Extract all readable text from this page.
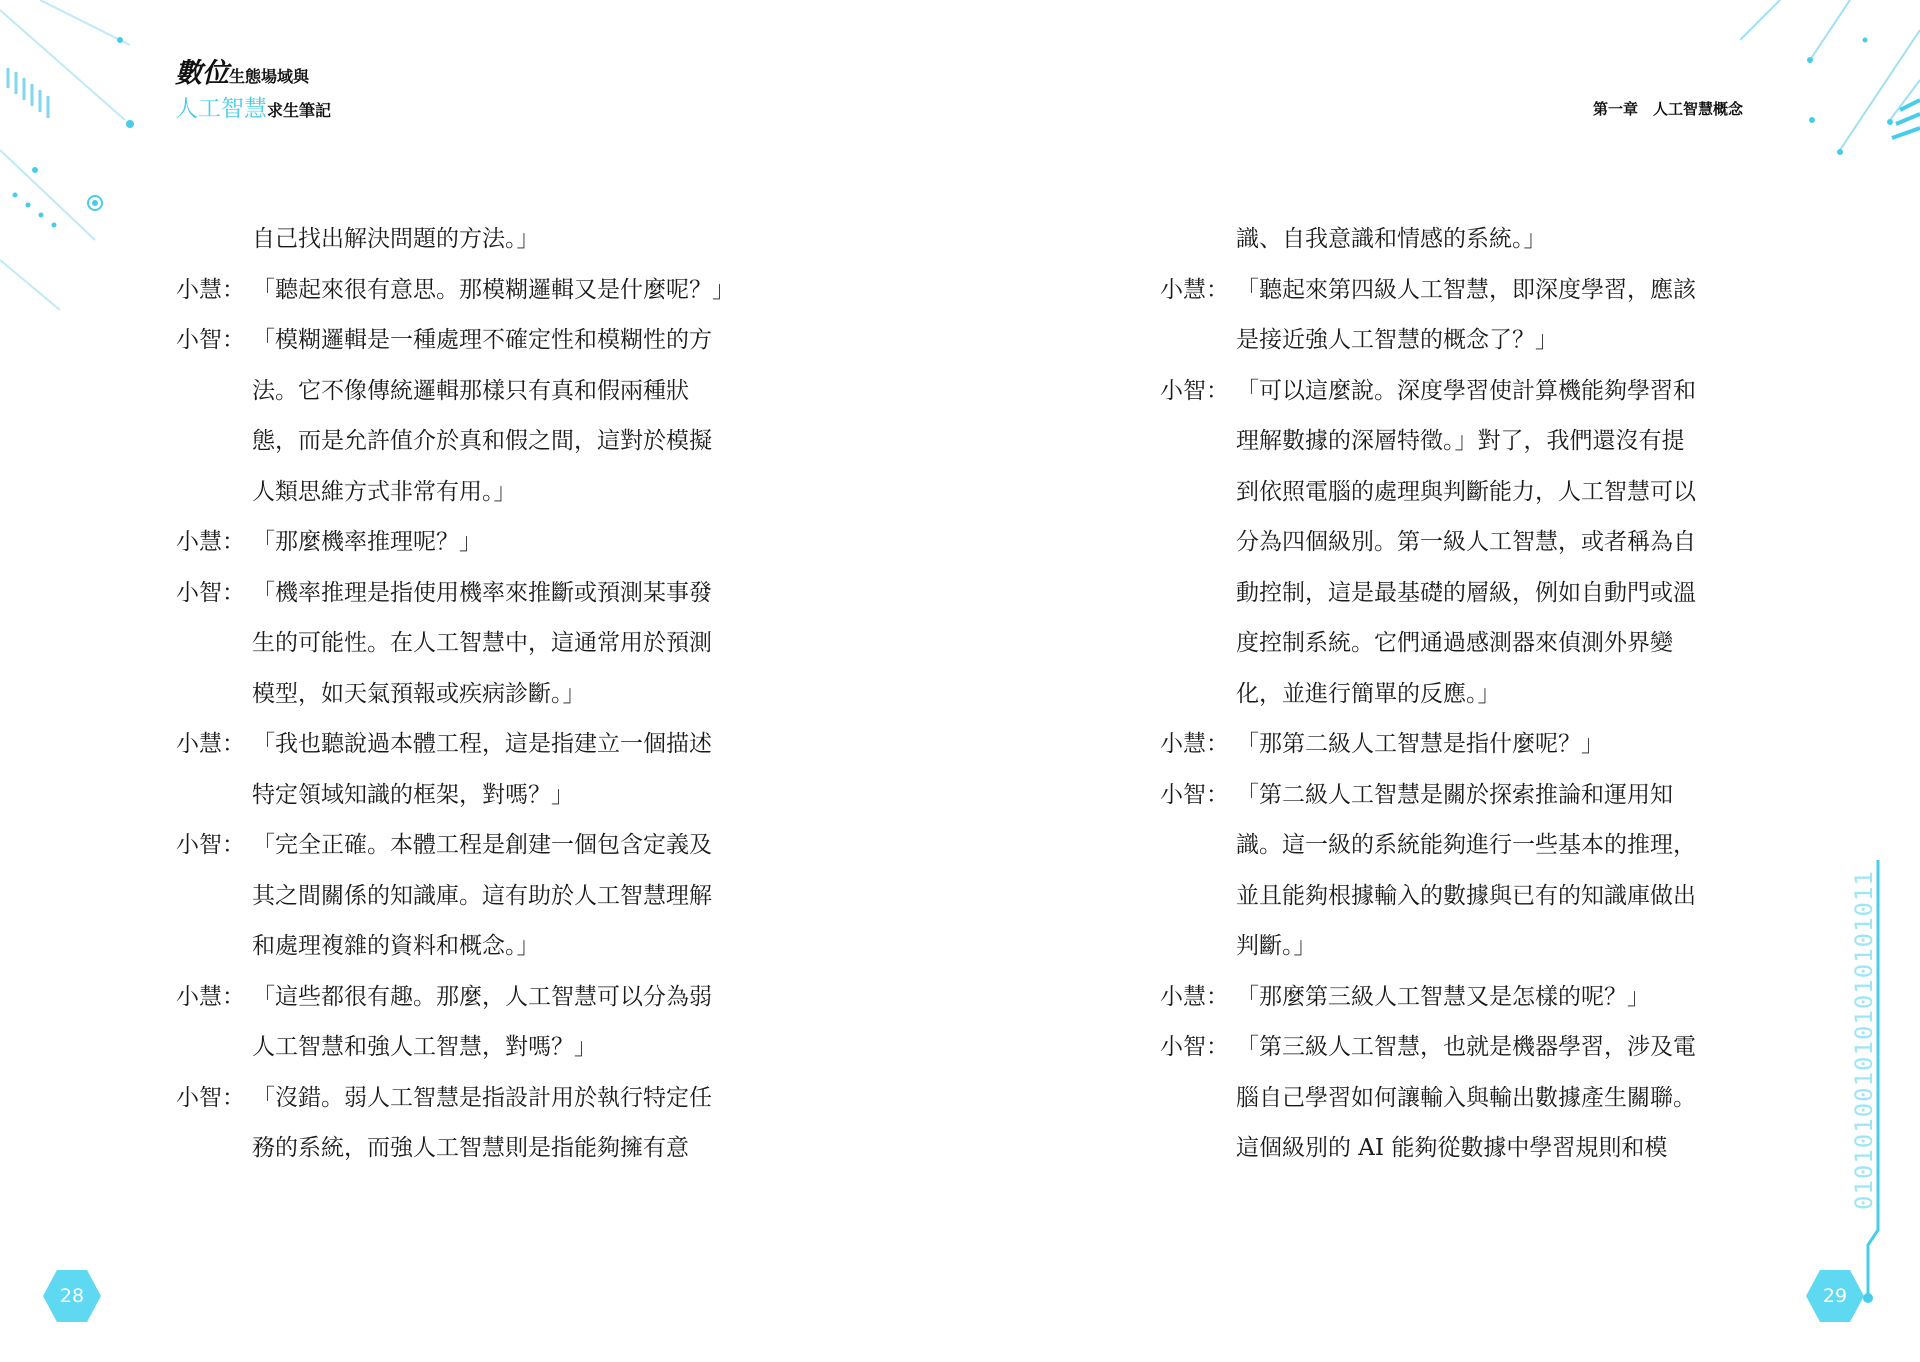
0101010010101010101011
數位生態場域與
人工智慧求生筆記	第一章　人工智慧概念
自己找出解決問題的方法。」
小慧： 「聽起來很有意思。那模糊邏輯又是什麼呢？」
小智： 「模糊邏輯是一種處理不確定性和模糊性的方
法。它不像傳統邏輯那樣只有真和假兩種狀
態，而是允許值介於真和假之間，這對於模擬
人類思維方式非常有用。」
小慧： 「那麼機率推理呢？」
小智： 「機率推理是指使用機率來推斷或預測某事發
生的可能性。在人工智慧中，這通常用於預測
模型，如天氣預報或疾病診斷。」
小慧： 「我也聽說過本體工程，這是指建立一個描述
特定領域知識的框架，對嗎？」
小智： 「完全正確。本體工程是創建一個包含定義及
其之間關係的知識庫。這有助於人工智慧理解
和處理複雜的資料和概念。」
小慧： 「這些都很有趣。那麼，人工智慧可以分為弱
人工智慧和強人工智慧，對嗎？」
小智： 「沒錯。弱人工智慧是指設計用於執行特定任
務的系統，而強人工智慧則是指能夠擁有意
識、自我意識和情感的系統。」
小慧： 「聽起來第四級人工智慧，即深度學習，應該
是接近強人工智慧的概念了？」
小智： 「可以這麼說。深度學習使計算機能夠學習和
理解數據的深層特徵。」對了，我們還沒有提
到依照電腦的處理與判斷能力，人工智慧可以
分為四個級別。第一級人工智慧，或者稱為自
動控制，這是最基礎的層級，例如自動門或溫
度控制系統。它們通過感測器來偵測外界變
化，並進行簡單的反應。」
小慧： 「那第二級人工智慧是指什麼呢？」
小智： 「第二級人工智慧是關於探索推論和運用知
識。這一級的系統能夠進行一些基本的推理，
並且能夠根據輸入的數據與已有的知識庫做出
判斷。」
小慧： 「那麼第三級人工智慧又是怎樣的呢？」
小智： 「第三級人工智慧，也就是機器學習，涉及電
腦自己學習如何讓輸入與輸出數據產生關聯。
這個級別的 AI 能夠從數據中學習規則和模
28	29
